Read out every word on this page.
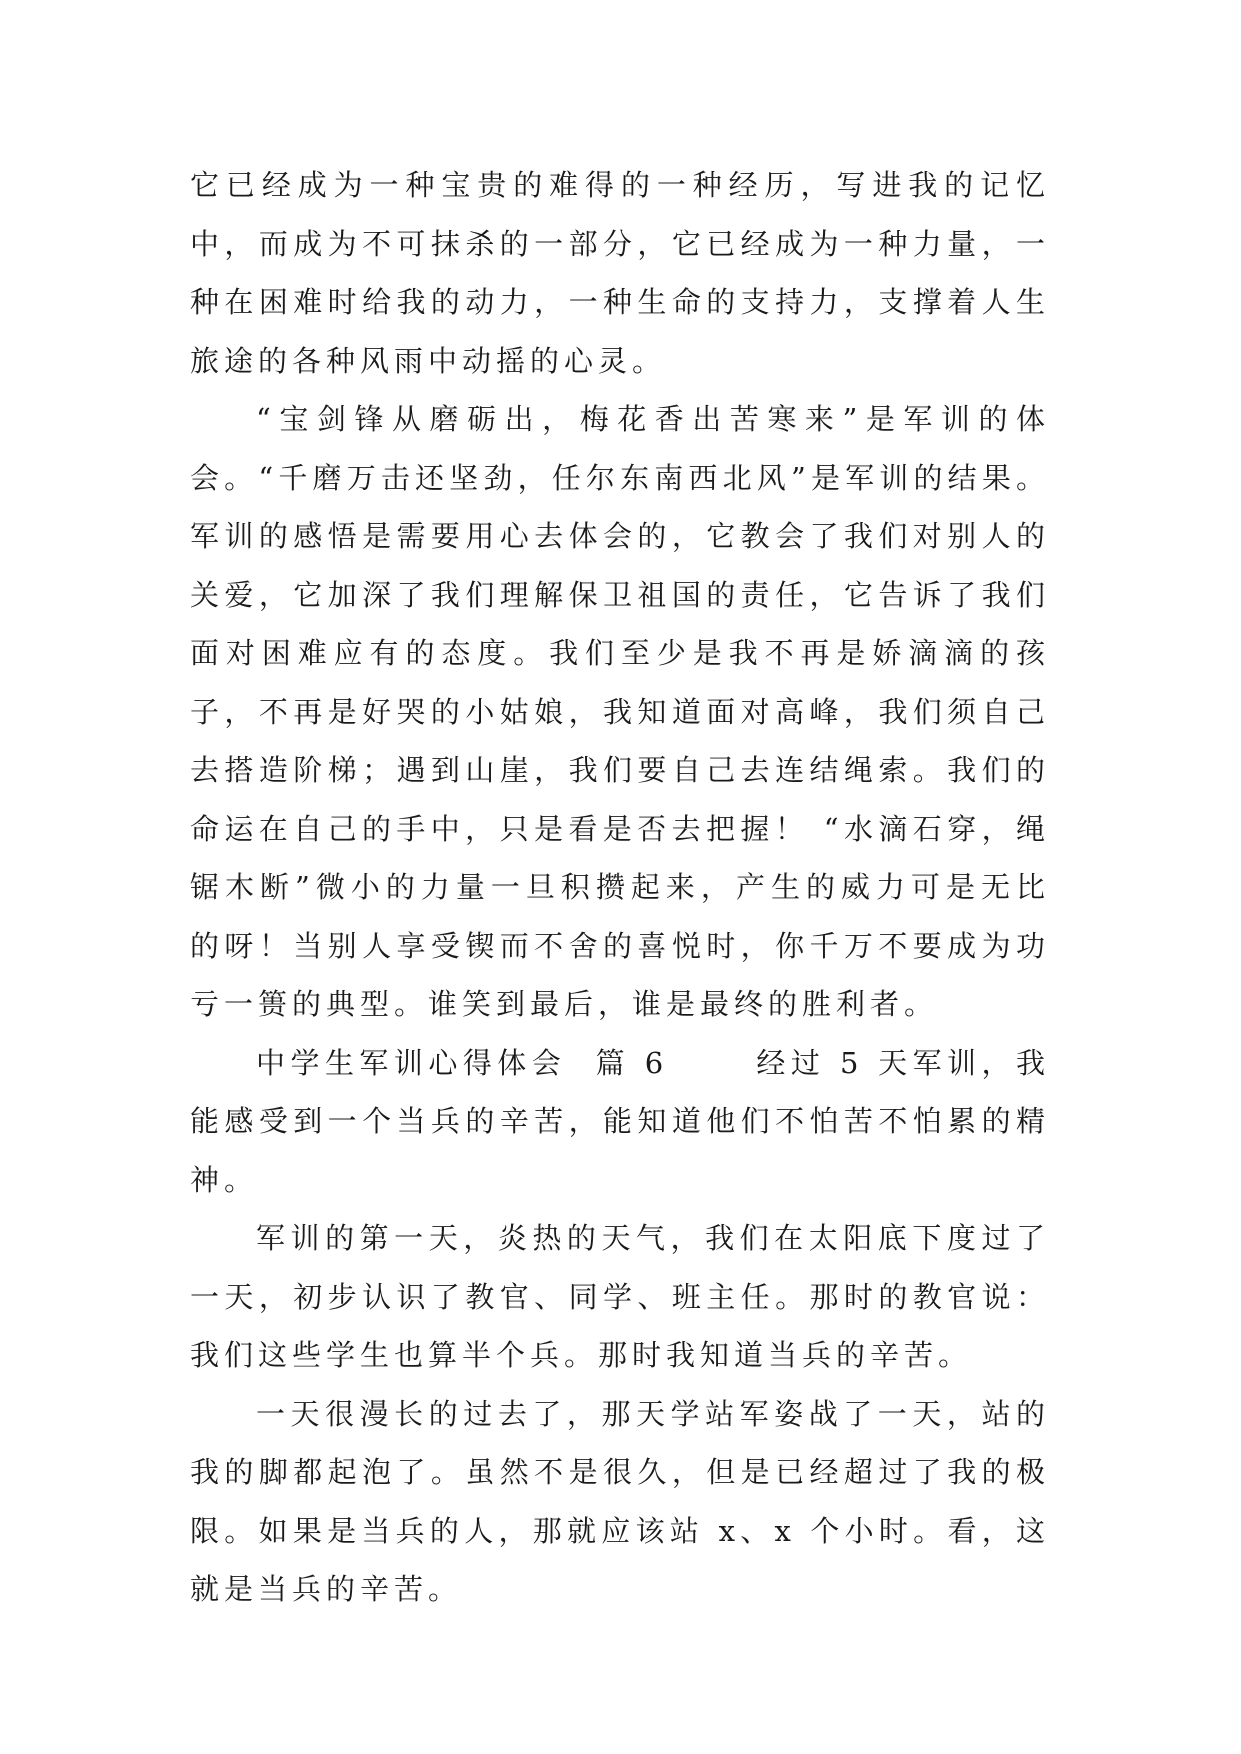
它已经成为一种宝贵的难得的一种经历，写进我的记忆中，而成为不可抹杀的一部分，它已经成为一种力量，一种在困难时给我的动力，一种生命的支持力，支撑着人生旅途的各种风雨中动摇的心灵。

“宝剑锋从磨砺出，梅花香出苦寒来”是军训的体会。“千磨万击还坚劲，任尔东南西北风”是军训的结果。军训的感悟是需要用心去体会的，它教会了我们对别人的关爱，它加深了我们理解保卫祖国的责任，它告诉了我们面对困难应有的态度。我们至少是我不再是娇滴滴的孩子，不再是好哭的小姑娘，我知道面对高峰，我们须自己去搭造阶梯；遇到山崖，我们要自己去连结绳索。我们的命运在自己的手中，只是看是否去把握！ “水滴石穿，绳锯木断”微小的力量一旦积攒起来，产生的威力可是无比的呀！当别人享受锲而不舍的喜悦时，你千万不要成为功亏一篑的典型。谁笑到最后，谁是最终的胜利者。

中学生军训心得体会  篇 6      经过 5 天军训，我能感受到一个当兵的辛苦，能知道他们不怕苦不怕累的精神。

军训的第一天，炎热的天气，我们在太阳底下度过了一天，初步认识了教官、同学、班主任。那时的教官说：我们这些学生也算半个兵。那时我知道当兵的辛苦。

一天很漫长的过去了，那天学站军姿战了一天，站的我的脚都起泡了。虽然不是很久，但是已经超过了我的极限。如果是当兵的人，那就应该站 x、x 个小时。看，这就是当兵的辛苦。
